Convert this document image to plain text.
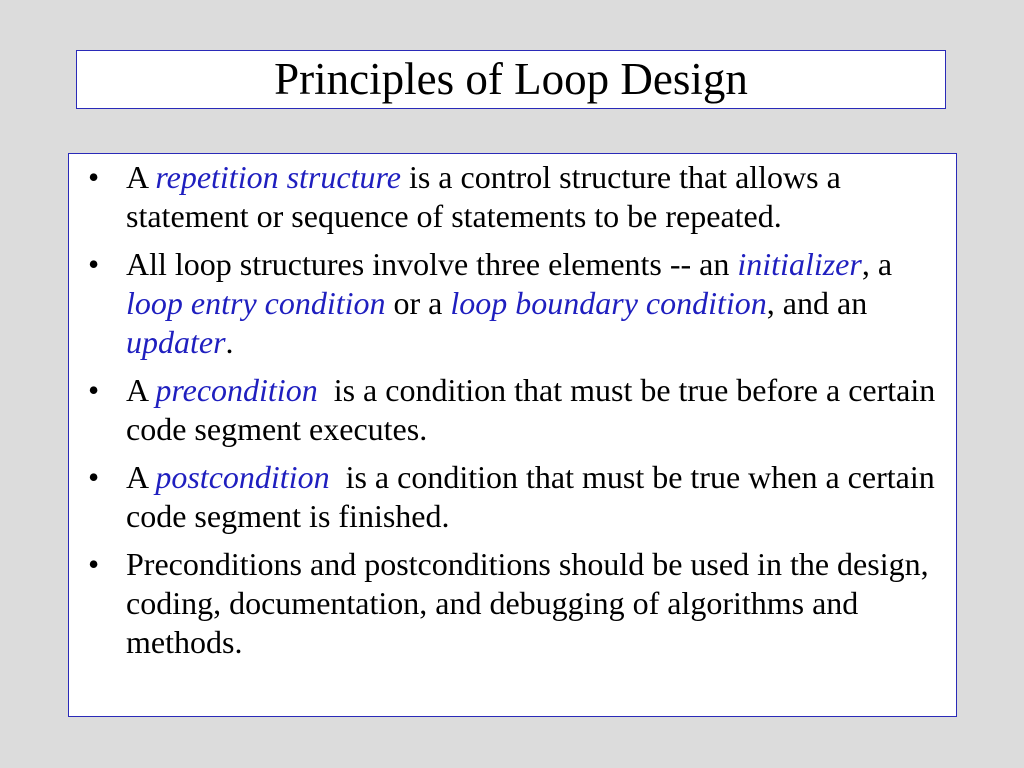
Principles of Loop Design
• A repetition structure is a control structure that allows a statement or sequence of statements to be repeated.
• All loop structures involve three elements -- an initializer, a loop entry condition or a loop boundary condition, and an updater.
• A precondition  is a condition that must be true before a certain code segment executes.
• A postcondition  is a condition that must be true when a certain code segment is finished.
• Preconditions and postconditions should be used in the design, coding, documentation, and debugging of algorithms and methods.
